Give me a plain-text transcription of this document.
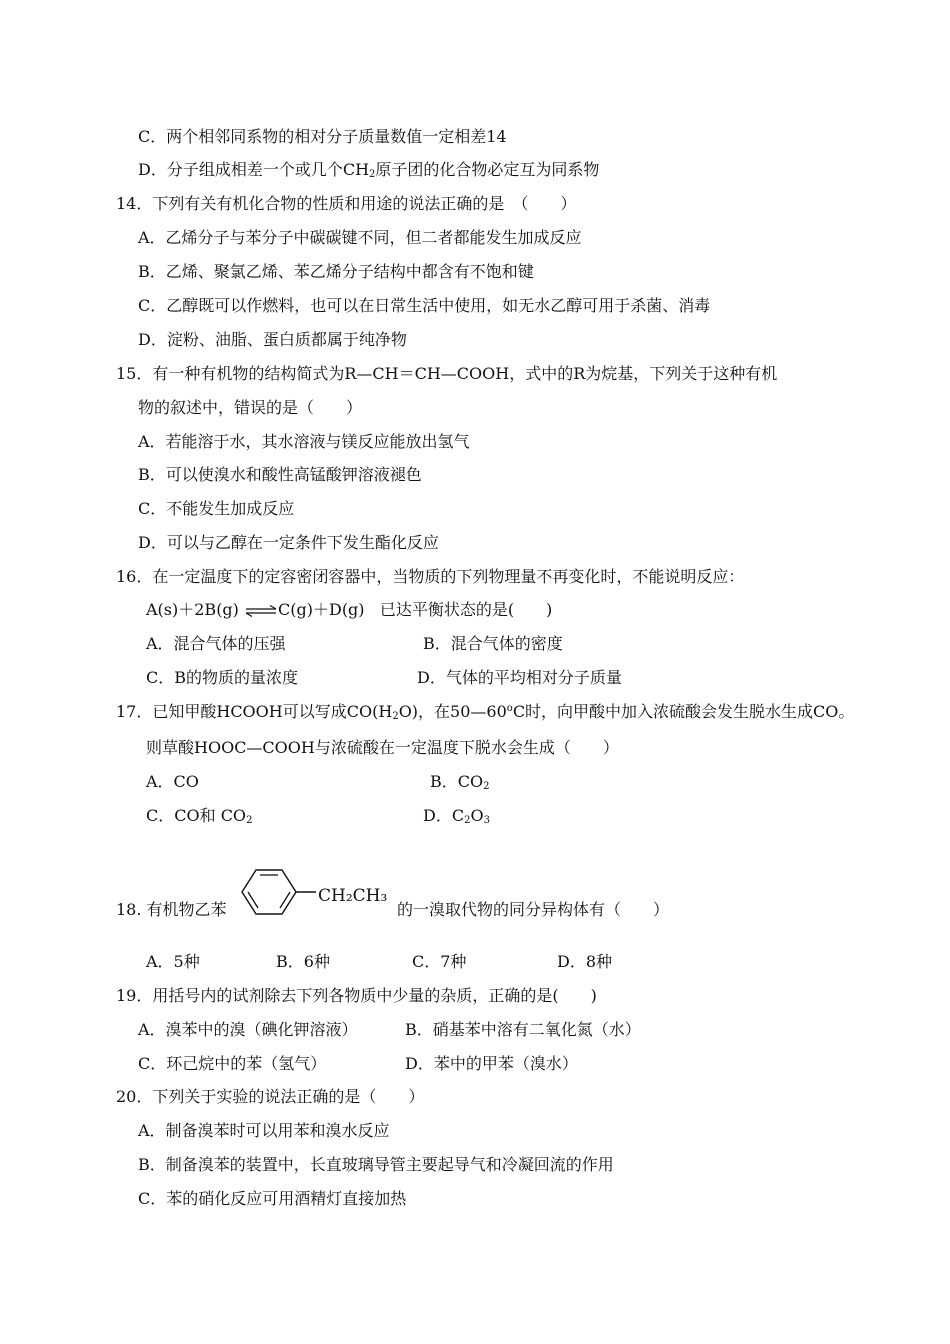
C．两个相邻同系物的相对分子质量数值一定相差14
D．分子组成相差一个或几个$CH_2$原子团的化合物必定互为同系物
14．下列有关有机化合物的性质和用途的说法正确的是　（　　）
A．乙烯分子与苯分子中碳碳键不同，但二者都能发生加成反应
B．乙烯、聚氯乙烯、苯乙烯分子结构中都含有不饱和键
C．乙醇既可以作燃料，也可以在日常生活中使用，如无水乙醇可用于杀菌、消毒
D．淀粉、油脂、蛋白质都属于纯净物
15．有一种有机物的结构简式为R—CH＝CH—COOH，式中的R为烷基，下列关于这种有机
物的叙述中，错误的是（　　）
A．若能溶于水，其水溶液与镁反应能放出氢气
B．可以使溴水和酸性高锰酸钾溶液褪色
C．不能发生加成反应
D．可以与乙醇在一定条件下发生酯化反应
16．在一定温度下的定容密闭容器中，当物质的下列物理量不再变化时，不能说明反应：
A(s)＋2B(g) ⇌C(g)＋D(g) 已达平衡状态的是(　　)
A．混合气体的压强	B．混合气体的密度
C．B的物质的量浓度	D．气体的平均相对分子质量
17．已知甲酸HCOOH可以写成$CO(H_2O)$，在50—60$^o$C时，向甲酸中加入浓硫酸会发生脱水生成CO。
则草酸HOOC—COOH与浓硫酸在一定温度下脱水会生成（　　）
A．CO	B．$CO_2$
C．CO和 $CO_2$	D．$C_2O_3$
18. 有机物乙苯
CH₂CH₃
的一溴取代物的同分异构体有（　　）
A．5种	B．6种	C．7种	D．8种
19．用括号内的试剂除去下列各物质中少量的杂质，正确的是(　　)
A．溴苯中的溴（碘化钾溶液）	B．硝基苯中溶有二氧化氮（水）
C．环己烷中的苯（氢气）	D．苯中的甲苯（溴水）
20．下列关于实验的说法正确的是（　　）
A．制备溴苯时可以用苯和溴水反应
B．制备溴苯的装置中，长直玻璃导管主要起导气和冷凝回流的作用
C．苯的硝化反应可用酒精灯直接加热
